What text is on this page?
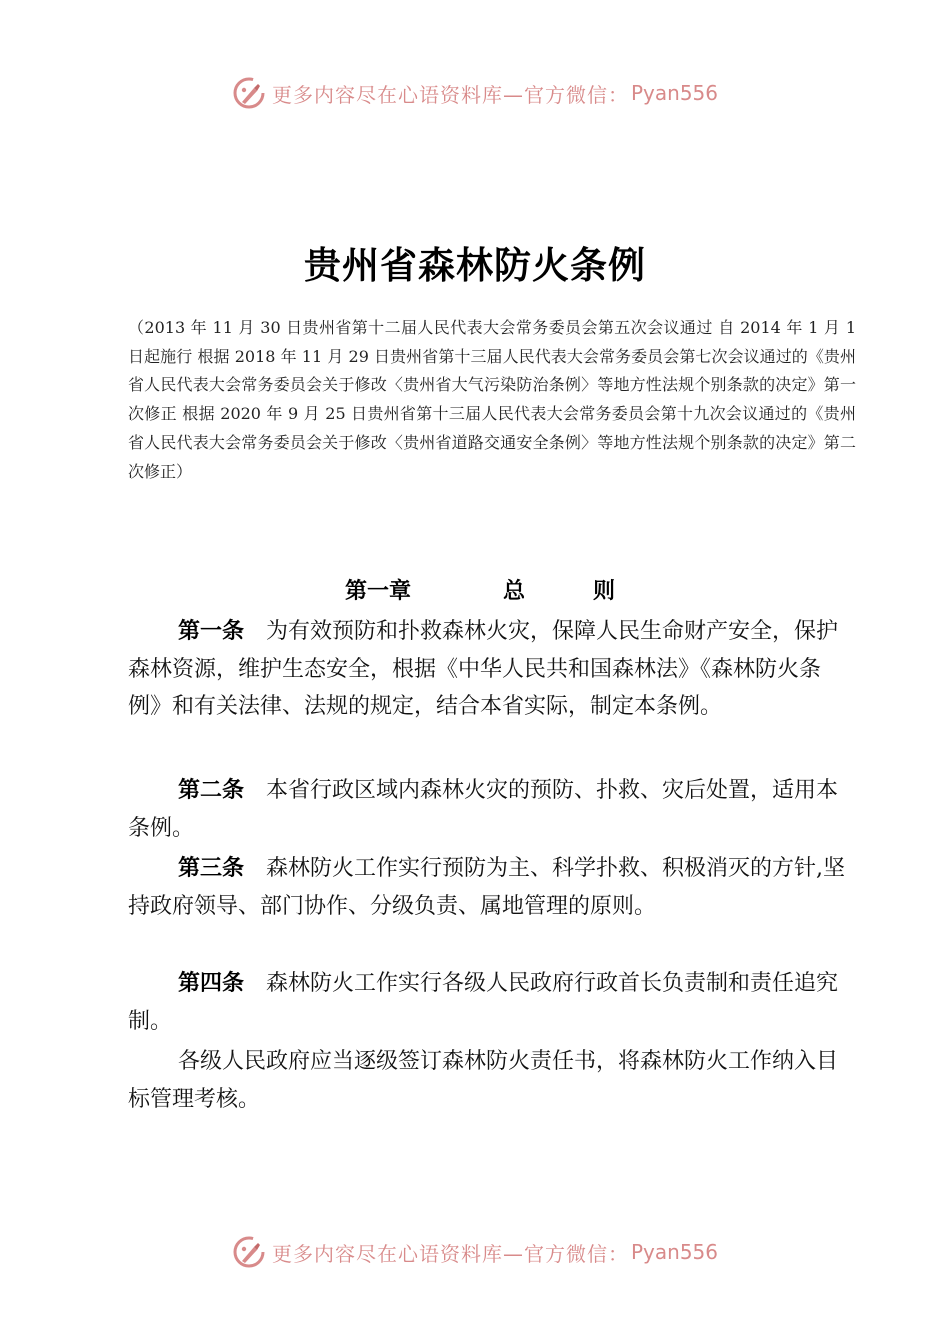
更多内容尽在心语资料库—官方微信： Pyan556
贵州省森林防火条例
（2013 年 11 月 30 日贵州省第十二届人民代表大会常务委员会第五次会议通过 自 2014 年 1 月 1 日起施行 根据 2018 年 11 月 29 日贵州省第十三届人民代表大会常务委员会第七次会议通过的《贵州省人民代表大会常务委员会关于修改〈贵州省大气污染防治条例〉等地方性法规个别条款的决定》第一次修正 根据 2020 年 9 月 25 日贵州省第十三届人民代表大会常务委员会第十九次会议通过的《贵州省人民代表大会常务委员会关于修改〈贵州省道路交通安全条例〉等地方性法规个别条款的决定》第二次修正）
第一章	总	则
第一条 为有效预防和扑救森林火灾，保障人民生命财产安全，保护森林资源，维护生态安全，根据《中华人民共和国森林法》《森林防火条例》和有关法律、法规的规定，结合本省实际，制定本条例。
第二条 本省行政区域内森林火灾的预防、扑救、灾后处置，适用本条例。
第三条 森林防火工作实行预防为主、科学扑救、积极消灭的方针,坚持政府领导、部门协作、分级负责、属地管理的原则。
第四条 森林防火工作实行各级人民政府行政首长负责制和责任追究制。
各级人民政府应当逐级签订森林防火责任书，将森林防火工作纳入目标管理考核。
更多内容尽在心语资料库—官方微信： Pyan556
